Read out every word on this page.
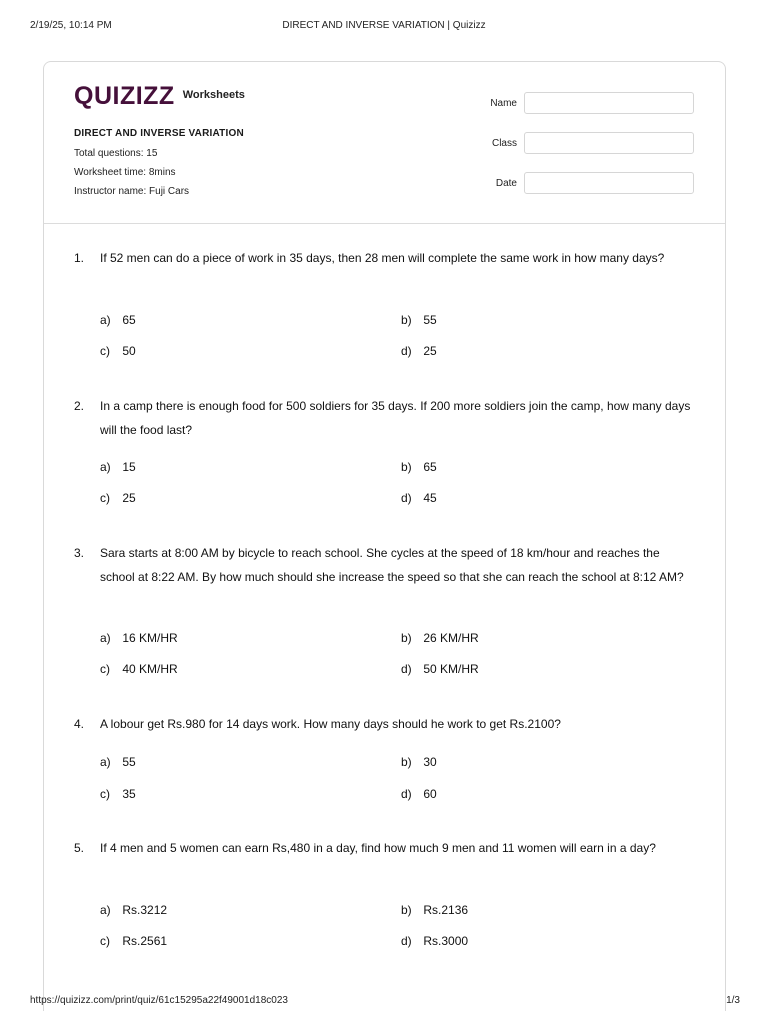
2/19/25, 10:14 PM	DIRECT AND INVERSE VARIATION | Quizizz
QUIZIZZ Worksheets
DIRECT AND INVERSE VARIATION
Total questions: 15
Worksheet time: 8mins
Instructor name: Fuji Cars
Name
Class
Date
1. If 52 men can do a piece of work in 35 days, then 28 men will complete the same work in how many days?
a) 65	b) 55
c) 50	d) 25
2. In a camp there is enough food for 500 soldiers for 35 days. If 200 more soldiers join the camp, how many days will the food last?
a) 15	b) 65
c) 25	d) 45
3. Sara starts at 8:00 AM by bicycle to reach school. She cycles at the speed of 18 km/hour and reaches the school at 8:22 AM. By how much should she increase the speed so that she can reach the school at 8:12 AM?
a) 16 KM/HR	b) 26 KM/HR
c) 40 KM/HR	d) 50 KM/HR
4. A lobour get Rs.980 for 14 days work. How many days should he work to get Rs.2100?
a) 55	b) 30
c) 35	d) 60
5. If 4 men and 5 women can earn Rs,480 in a day, find how much 9 men and 11 women will earn in a day?
a) Rs.3212	b) Rs.2136
c) Rs.2561	d) Rs.3000
https://quizizz.com/print/quiz/61c15295a22f49001d18c023	1/3
